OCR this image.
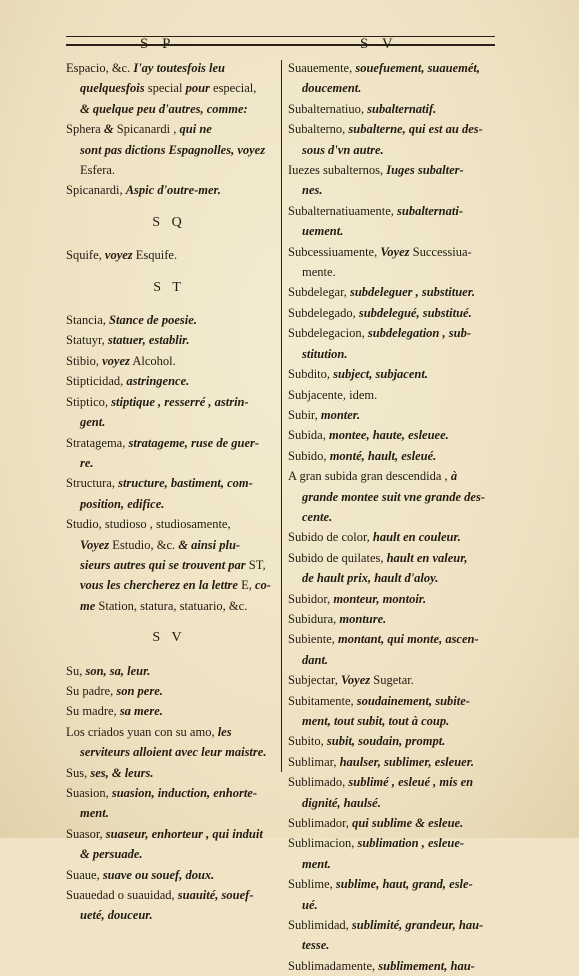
S P	S V
Espacio, &c. I'ay toutesfois leu
quelquesfois special pour especial,
& quelque peu d'autres, comme:
Sphera & Spicanardi , qui ne
sont pas dictions Espagnolles, voyez
Esfera.
Spicanardi, Aspic d'outre-mer.
S Q
Squife, voyez Esquife.
S T
Stancia, Stance de poesie.
Statuyr, statuer, establir.
Stibio, voyez Alcohol.
Stipticidad, astringence.
Stiptico, stiptique , resserré , astrin-
gent.
Stratagema, stratageme, ruse de guer-
re.
Structura, structure, bastiment, com-
position, edifice.
Studio, studioso , studiosamente,
Voyez Estudio, &c. & ainsi plu-
sieurs autres qui se trouvent par ST,
vous les chercherez en la lettre E, co-
me Station, statura, statuario, &c.
S V
Su, son, sa, leur.
Su padre, son pere.
Su madre, sa mere.
Los criados yuan con su amo, les
serviteurs alloient avec leur maistre.
Sus, ses, & leurs.
Suasion, suasion, induction, enhorte-
ment.
Suasor, suaseur, enhorteur , qui induit
& persuade.
Suaue, suave ou souef, doux.
Suauedad o suauidad, suauité, souef-
ueté, douceur.
Suauemente, souefuement, suauemét,
doucement.
Subalternatiuo, subalternatif.
Subalterno, subalterne, qui est au des-
sous d'vn autre.
Iuezes subalternos, Iuges subalter-
nes.
Subalternatiuamente, subalternati-
uement.
Subcessiuamente, Voyez Successiua-
mente.
Subdelegar, subdeleguer , substituer.
Subdelegado, subdelegué, substitué.
Subdelegacion, subdelegation , sub-
stitution.
Subdito, subject, subjacent.
Subjacente, idem.
Subir, monter.
Subida, montee, haute, esleuee.
Subido, monté, hault, esleué.
A gran subida gran descendida , à
grande montee suit vne grande des-
cente.
Subido de color, hault en couleur.
Subido de quilates, hault en valeur,
de hault prix, hault d'aloy.
Subidor, monteur, montoir.
Subidura, monture.
Subiente, montant, qui monte, ascen-
dant.
Subjectar, Voyez Sugetar.
Subitamente, soudainement, subite-
ment, tout subit, tout à coup.
Subito, subit, soudain, prompt.
Sublimar, haulser, sublimer, esleuer.
Sublimado, sublimé , esleué , mis en
dignité, haulsé.
Sublimador, qui sublime & esleue.
Sublimacion, sublimation , esleue-
ment.
Sublime, sublime, haut, grand, esle-
ué.
Sublimidad, sublimité, grandeur, hau-
tesse.
Sublimadamente, sublimement, hau-
